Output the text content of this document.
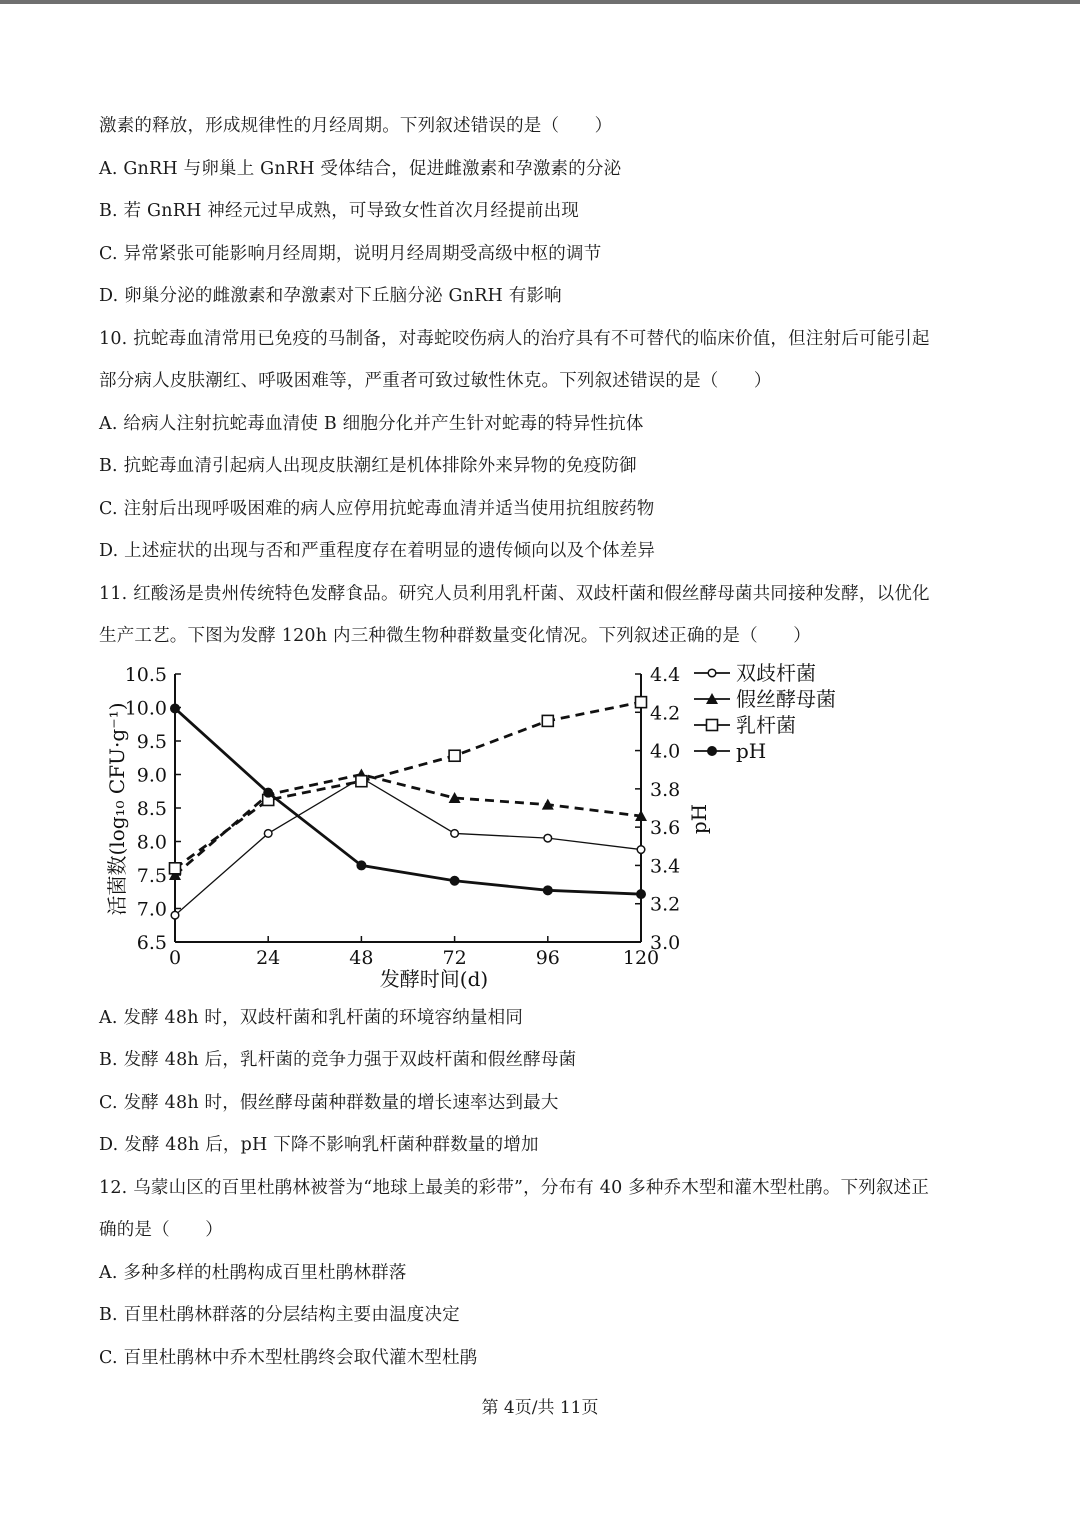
激素的释放，形成规律性的月经周期。下列叙述错误的是（　　）
A. GnRH 与卵巢上 GnRH 受体结合，促进雌激素和孕激素的分泌
B. 若 GnRH 神经元过早成熟，可导致女性首次月经提前出现
C. 异常紧张可能影响月经周期，说明月经周期受高级中枢的调节
D. 卵巢分泌的雌激素和孕激素对下丘脑分泌 GnRH 有影响
10. 抗蛇毒血清常用已免疫的马制备，对毒蛇咬伤病人的治疗具有不可替代的临床价值，但注射后可能引起
部分病人皮肤潮红、呼吸困难等，严重者可致过敏性休克。下列叙述错误的是（　　）
A. 给病人注射抗蛇毒血清使 B 细胞分化并产生针对蛇毒的特异性抗体
B. 抗蛇毒血清引起病人出现皮肤潮红是机体排除外来异物的免疫防御
C. 注射后出现呼吸困难的病人应停用抗蛇毒血清并适当使用抗组胺药物
D. 上述症状的出现与否和严重程度存在着明显的遗传倾向以及个体差异
11. 红酸汤是贵州传统特色发酵食品。研究人员利用乳杆菌、双歧杆菌和假丝酵母菌共同接种发酵，以优化
生产工艺。下图为发酵 120h 内三种微生物种群数量变化情况。下列叙述正确的是（　　）
0	24	48	72	96	120
6.5
7.0
7.5
8.0
8.5
9.0
9.5
10.0
10.5
3.0
3.2
3.4
3.6
3.8
4.0
4.2
4.4	双歧杆菌
假丝酵母菌
乳杆菌
pH
活菌数(log₁₀ CFU·g⁻¹)	pH
发酵时间(d)
A. 发酵 48h 时，双歧杆菌和乳杆菌的环境容纳量相同
B. 发酵 48h 后，乳杆菌的竞争力强于双歧杆菌和假丝酵母菌
C. 发酵 48h 时，假丝酵母菌种群数量的增长速率达到最大
D. 发酵 48h 后，pH 下降不影响乳杆菌种群数量的增加
12. 乌蒙山区的百里杜鹃林被誉为“地球上最美的彩带”，分布有 40 多种乔木型和灌木型杜鹃。下列叙述正
确的是（　　）
A. 多种多样的杜鹃构成百里杜鹃林群落
B. 百里杜鹃林群落的分层结构主要由温度决定
C. 百里杜鹃林中乔木型杜鹃终会取代灌木型杜鹃
第 4页/共 11页
